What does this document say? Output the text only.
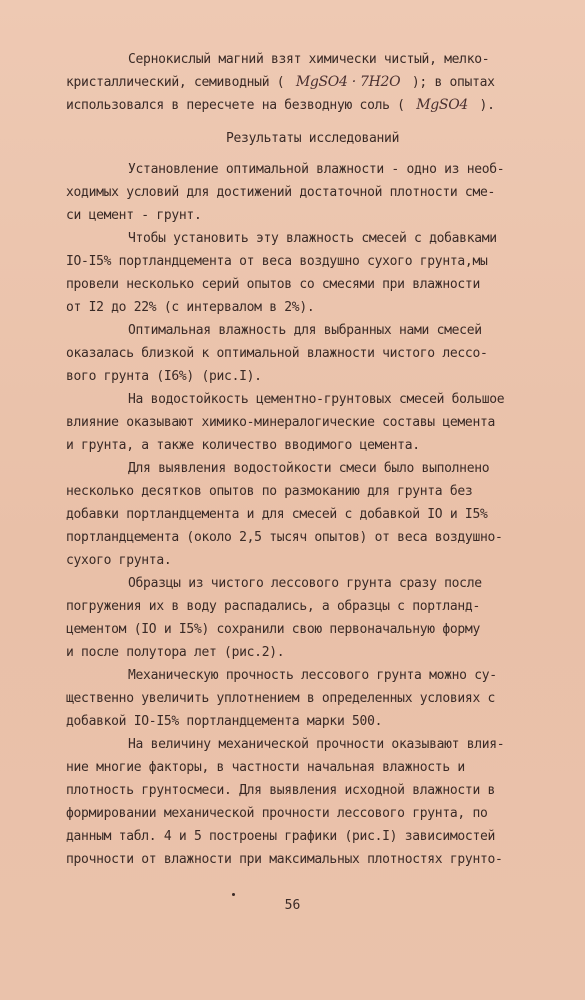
Сернокислый магний взят химически чистый, мелко-
кристаллический, семиводный ( MgSO4 · 7H2O ); в опытах
использовался в пересчете на безводную соль ( MgSO4 ).

Результаты исследований

Установление оптимальной влажности - одно из необ-
ходимых условий для достижений достаточной плотности сме-
си цемент - грунт.

Чтобы установить эту влажность смесей с добавками
IO-I5% портландцемента от веса воздушно сухого грунта,мы
провели несколько серий опытов со смесями при влажности
от I2 до 22% (с интервалом в 2%).

Оптимальная влажность для выбранных нами смесей
оказалась близкой к оптимальной влажности чистого лессо-
вого грунта (I6%) (рис.I).

На водостойкость цементно-грунтовых смесей большое
влияние оказывают химико-минералогические составы цемента
и грунта, а также количество вводимого цемента.

Для выявления водостойкости смеси было выполнено
несколько десятков опытов по размоканию для грунта без
добавки портландцемента и для смесей с добавкой IO и I5%
портландцемента (около 2,5 тысяч опытов) от веса воздушно-
сухого грунта.

Образцы из чистого лессового грунта сразу после
погружения их в воду распадались, а образцы с портланд-
цементом (IO и I5%) сохранили свою первоначальную форму
и после полутора лет (рис.2).

Механическую прочность лессового грунта можно су-
щественно увеличить уплотнением в определенных условиях с
добавкой IO-I5% портландцемента марки 500.

На величину механической прочности оказывают влия-
ние многие факторы, в частности начальная влажность и
плотность грунтосмеси. Для выявления исходной влажности в
формировании механической прочности лессового грунта, по
данным табл. 4 и 5 построены графики (рис.I) зависимостей
прочности от влажности при максимальных плотностях грунто-

56
